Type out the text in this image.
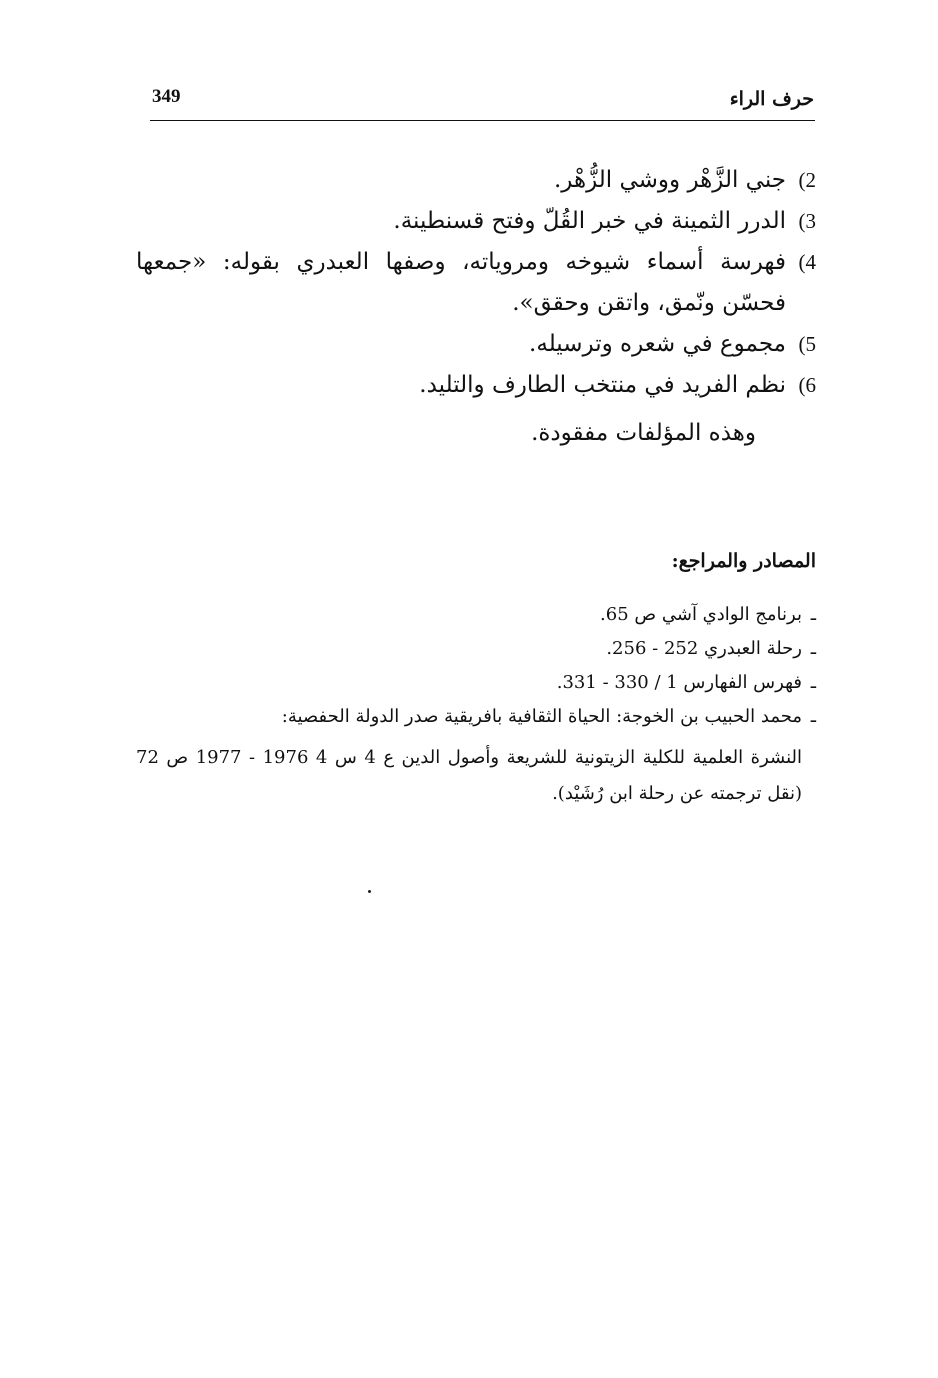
349	حرف الراء
2)
جني الزَّهْر ووشي الزُّهْر.
3)
الدرر الثمينة في خبر القُلّ وفتح قسنطينة.
4)
فهرسة أسماء شيوخه ومروياته، وصفها العبدري بقوله: «جمعها فحسّن ونّمق، واتقن وحقق».
5)
مجموع في شعره وترسيله.
6)
نظم الفريد في منتخب الطارف والتليد.
وهذه المؤلفات مفقودة.
المصادر والمراجع:
ـ
برنامج الوادي آشي ص 65.
ـ
رحلة العبدري 252 - 256.
ـ
فهرس الفهارس 1 / 330 - 331.
ـ
محمد الحبيب بن الخوجة: الحياة الثقافية بافريقية صدر الدولة الحفصية:
النشرة العلمية للكلية الزيتونية للشريعة وأصول الدين ع 4 س 4 1976 - 1977 ص 72 (نقل ترجمته عن رحلة ابن رُشَيْد).
